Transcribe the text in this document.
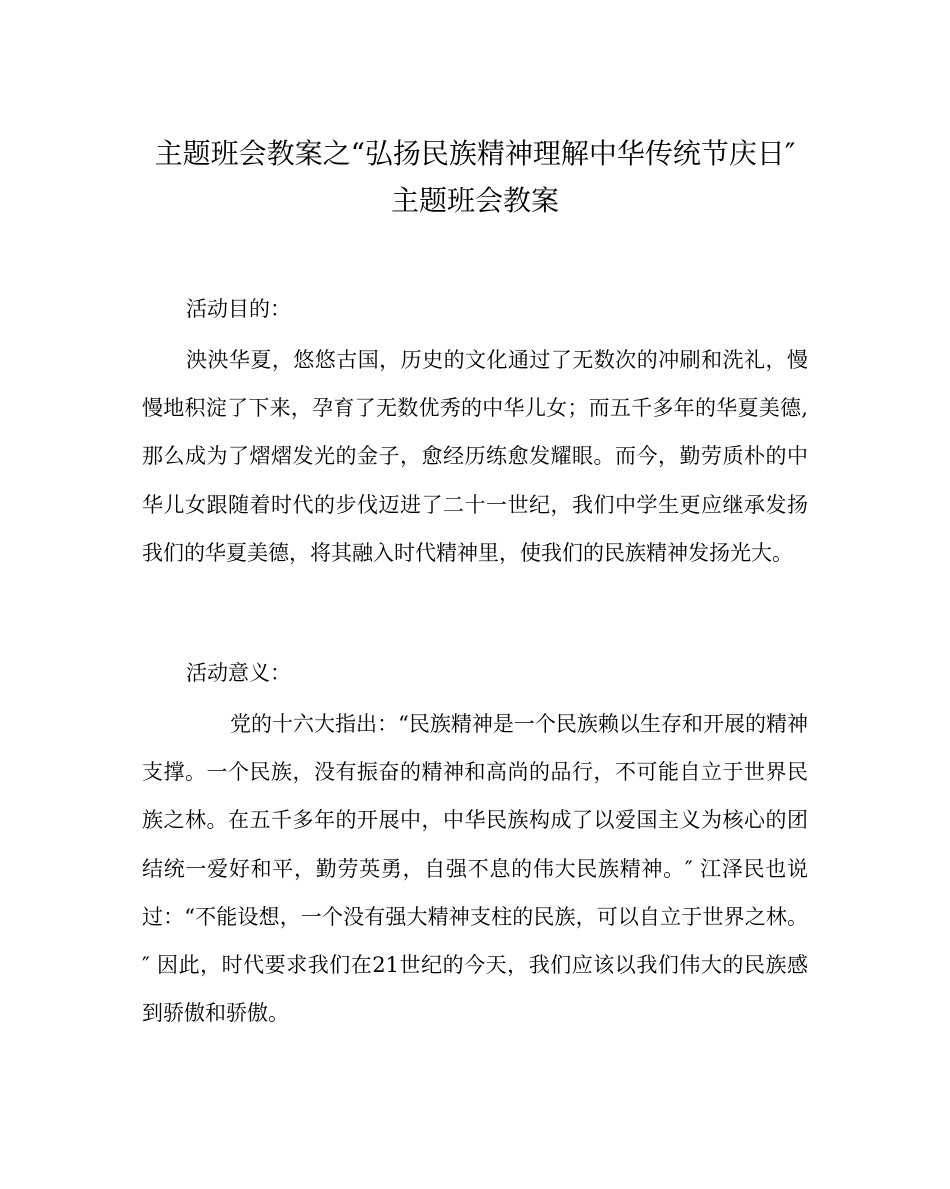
主题班会教案之“弘扬民族精神理解中华传统节庆日″
主题班会教案
活动目的：
泱泱华夏，悠悠古国，历史的文化通过了无数次的冲刷和洗礼，慢慢地积淀了下来，孕育了无数优秀的中华儿女；而五千多年的华夏美德,那么成为了熠熠发光的金子，愈经历练愈发耀眼。而今，勤劳质朴的中华儿女跟随着时代的步伐迈进了二十一世纪，我们中学生更应继承发扬我们的华夏美德，将其融入时代精神里，使我们的民族精神发扬光大。
活动意义：
党的十六大指出：“民族精神是一个民族赖以生存和开展的精神支撑。一个民族，没有振奋的精神和高尚的品行，不可能自立于世界民族之林。在五千多年的开展中，中华民族构成了以爱国主义为核心的团结统一爱好和平，勤劳英勇，自强不息的伟大民族精神。″ 江泽民也说过：“不能设想，一个没有强大精神支柱的民族，可以自立于世界之林。″ 因此，时代要求我们在21世纪的今天，我们应该以我们伟大的民族感到骄傲和骄傲。
